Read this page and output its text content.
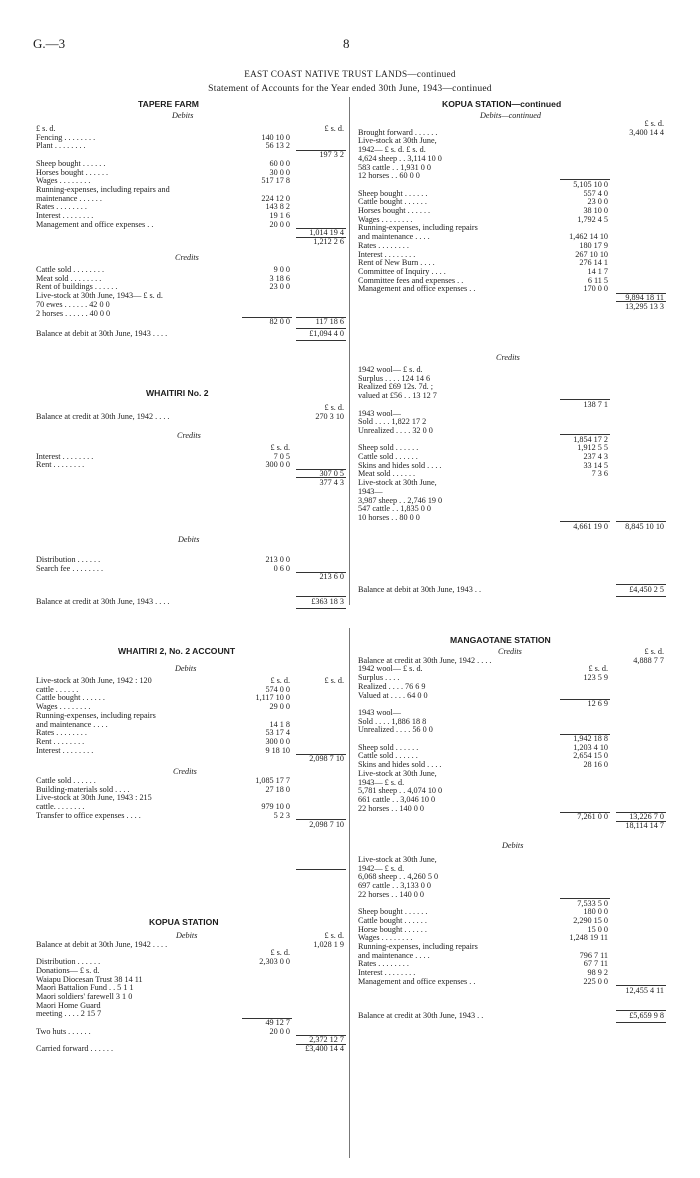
G.—3	8
EAST COAST NATIVE TRUST LANDS—continued
Statement of Accounts for the Year ended 30th June, 1943—continued
TAPERE FARM
Debits
£ s. d.	£ s. d.
Fencing . . . . . . . .	140 10 0
Plant . . . . . . . .	56 13 2
197 3 2
Sheep bought . . . . . .	60 0 0
Horses bought . . . . . .	30 0 0
Wages . . . . . . . .	517 17 8
Running-expenses, including repairs and
maintenance . . . . . .	224 12 0
Rates . . . . . . . .	143 8 2
Interest . . . . . . . .	19 1 6
Management and office expenses . .	20 0 0
1,014 19 4
1,212 2 6
Credits
Cattle sold . . . . . . . .	9 0 0
Meat sold . . . . . . . .	3 18 6
Rent of buildings . . . . . .	23 0 0
Live-stock at 30th June, 1943— £ s. d.
70 ewes . . . . . . 42 0 0
2 horses . . . . . . 40 0 0
82 0 0	117 18 6
Balance at debit at 30th June, 1943 . . . .	£1,094 4 0
WHAITIRI No. 2
£ s. d.
Balance at credit at 30th June, 1942 . . . .	270 3 10
Credits
£ s. d.
Interest . . . . . . . .	7 0 5
Rent . . . . . . . .	300 0 0
307 0 5
377 4 3
Debits
Distribution . . . . . .	213 0 0
Search fee . . . . . . . .	0 6 0
213 6 0
Balance at credit at 30th June, 1943 . . . .	£363 18 3
WHAITIRI 2, No. 2 ACCOUNT
Debits
Live-stock at 30th June, 1942 : 120	£ s. d.	£ s. d.
cattle . . . . . .	574 0 0
Cattle bought . . . . . .	1,117 10 0
Wages . . . . . . . .	29 0 0
Running-expenses, including repairs
and maintenance . . . .	14 1 8
Rates . . . . . . . .	53 17 4
Rent . . . . . . . .	300 0 0
Interest . . . . . . . .	9 18 10
2,098 7 10
Credits
Cattle sold . . . . . .	1,085 17 7
Building-materials sold . . . .	27 18 0
Live-stock at 30th June, 1943 : 215
cattle. . . . . . . .	979 10 0
Transfer to office expenses . . . .	5 2 3
2,098 7 10
KOPUA STATION
Debits	£ s. d.
Balance at debit at 30th June, 1942 . . . .	1,028 1 9
£ s. d.
Distribution . . . . . .	2,303 0 0
Donations— £ s. d.
Waiapu Diocesan Trust 38 14 11
Maori Battalion Fund . . 5 1 1
Maori soldiers' farewell 3 1 0
Maori Home Guard
meeting . . . . 2 15 7
49 12 7
Two huts . . . . . .	20 0 0
2,372 12 7
Carried forward . . . . . .	£3,400 14 4
KOPUA STATION—continued
Debits—continued
£ s. d.
Brought forward . . . . . .	3,400 14 4
Live-stock at 30th June,
1942— £ s. d. £ s. d.
4,624 sheep . . 3,114 10 0
583 cattle . . 1,931 0 0
12 horses . . 60 0 0
5,105 10 0
Sheep bought . . . . . .	557 4 0
Cattle bought . . . . . .	23 0 0
Horses bought . . . . . .	38 10 0
Wages . . . . . . . .	1,792 4 5
Running-expenses, including repairs
and maintenance . . . .	1,462 14 10
Rates . . . . . . . .	180 17 9
Interest . . . . . . . .	267 10 10
Rent of New Burn . . . .	276 14 1
Committee of Inquiry . . . .	14 1 7
Committee fees and expenses . .	6 11 5
Management and office expenses . .	170 0 0
9,894 18 11
13,295 13 3
Credits
1942 wool— £ s. d.
Surplus . . . . 124 14 6
Realized £69 12s. 7d. ;
valued at £56 . . 13 12 7
138 7 1
1943 wool—
Sold . . . . 1,822 17 2
Unrealized . . . . 32 0 0
1,854 17 2
Sheep sold . . . . . .	1,912 5 5
Cattle sold . . . . . .	237 4 3
Skins and hides sold . . . .	33 14 5
Meat sold . . . . . .	7 3 6
Live-stock at 30th June,
1943—
3,987 sheep . . 2,746 19 0
547 cattle . . 1,835 0 0
10 horses . . 80 0 0
4,661 19 0	8,845 10 10
Balance at debit at 30th June, 1943 . .	£4,450 2 5
MANGAOTANE STATION
Credits	£ s. d.
Balance at credit at 30th June, 1942 . . . .	4,888 7 7
1942 wool— £ s. d.	£ s. d.
Surplus . . . .	123 5 9
Realized . . . . 76 6 9
Valued at . . . . 64 0 0
12 6 9
1943 wool—
Sold . . . . 1,886 18 8
Unrealized . . . . 56 0 0
1,942 18 8
Sheep sold . . . . . .	1,203 4 10
Cattle sold . . . . . .	2,654 15 0
Skins and hides sold . . . .	28 16 0
Live-stock at 30th June,
1943— £ s. d.
5,781 sheep . . 4,074 10 0
661 cattle . . 3,046 10 0
22 horses . . 140 0 0
7,261 0 0	13,226 7 0
18,114 14 7
Debits
Live-stock at 30th June,
1942— £ s. d.
6,068 sheep . . 4,260 5 0
697 cattle . . 3,133 0 0
22 horses . . 140 0 0
7,533 5 0
Sheep bought . . . . . .	180 0 0
Cattle bought . . . . . .	2,290 15 0
Horse bought . . . . . .	15 0 0
Wages . . . . . . . .	1,248 19 11
Running-expenses, including repairs
and maintenance . . . .	796 7 11
Rates . . . . . . . .	67 7 11
Interest . . . . . . . .	98 9 2
Management and office expenses . .	225 0 0
12,455 4 11
Balance at credit at 30th June, 1943 . .	£5,659 9 8
